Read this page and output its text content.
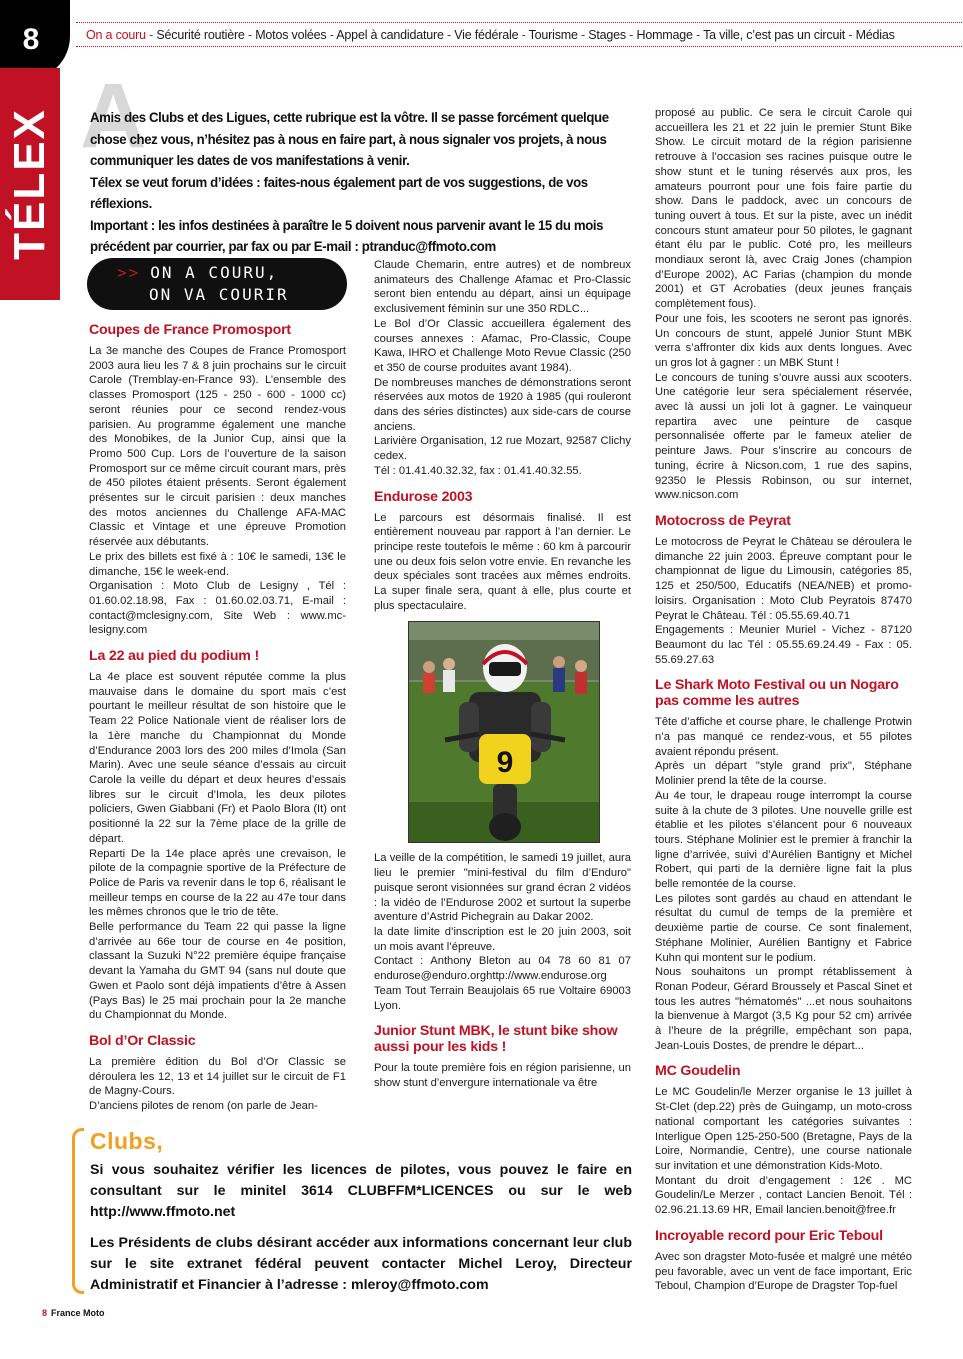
8
TÉLEX
On a couru - Sécurité routière - Motos volées - Appel à candidature - Vie fédérale - Tourisme - Stages - Hommage - Ta ville, c’est pas un circuit - Médias
A

Amis des Clubs et des Ligues, cette rubrique est la vôtre. Il se passe forcément quelque chose chez vous, n’hésitez pas à nous en faire part, à nous signaler vos projets, à nous communiquer les dates de vos manifestations à venir.

Télex se veut forum d’idées : faites-nous également part de vos suggestions, de vos réflexions.

Important : les infos destinées à paraître le 5 doivent nous parvenir avant le 15 du mois précédent par courrier, par fax ou par E-mail : ptranduc@ffmoto.com

>> ON A COURU,
ON VA COURIR
Coupes de France Promosport

La 3e manche des Coupes de France Promosport 2003 aura lieu les 7 & 8 juin prochains sur le circuit Carole (Tremblay-en-France 93). L’ensemble des classes Promosport (125 - 250 - 600 - 1000 cc) seront réunies pour ce second rendez-vous parisien. Au programme également une manche des Monobikes, de la Junior Cup, ainsi que la Promo 500 Cup. Lors de l’ouverture de la saison Promosport sur ce même circuit courant mars, près de 450 pilotes étaient présents. Seront également présentes sur le circuit parisien : deux manches des motos anciennes du Challenge AFA-MAC Classic et Vintage et une épreuve Promotion réservée aux débutants.

Le prix des billets est fixé à : 10€ le samedi, 13€ le dimanche, 15€ le week-end.

Organisation : Moto Club de Lesigny , Tél : 01.60.02.18.98, Fax : 01.60.02.03.71, E-mail : contact@mclesigny.com, Site Web : www.mc-lesigny.com

La 22 au pied du podium !

La 4e place est souvent réputée comme la plus mauvaise dans le domaine du sport mais c’est pourtant le meilleur résultat de son histoire que le Team 22 Police Nationale vient de réaliser lors de la 1ère manche du Championnat du Monde d’Endurance 2003 lors des 200 miles d’Imola (San Marin). Avec une seule séance d’essais au circuit Carole la veille du départ et deux heures d’essais libres sur le circuit d’Imola, les deux pilotes policiers, Gwen Giabbani (Fr) et Paolo Blora (It) ont positionné la 22 sur la 7ème place de la grille de départ.

Reparti De la 14e place après une crevaison, le pilote de la compagnie sportive de la Préfecture de Police de Paris va revenir dans le top 6, réalisant le meilleur temps en course de la 22 au 47e tour dans les mêmes chronos que le trio de tête.

Belle performance du Team 22 qui passe la ligne d’arrivée au 66e tour de course en 4e position, classant la Suzuki N°22 première équipe française devant la Yamaha du GMT 94 (sans nul doute que Gwen et Paolo sont déjà impatients d’être à Assen (Pays Bas) le 25 mai prochain pour la 2e manche du Championnat du Monde.

Bol d’Or Classic

La première édition du Bol d’Or Classic se déroulera les 12, 13 et 14 juillet sur le circuit de F1 de Magny-Cours.

D’anciens pilotes de renom (on parle de Jean-

Claude Chemarin, entre autres) et de nombreux animateurs des Challenge Afamac et Pro-Classic seront bien entendu au départ, ainsi un équipage exclusivement féminin sur une 350 RDLC...

Le Bol d’Or Classic accueillera également des courses annexes : Afamac, Pro-Classic, Coupe Kawa, IHRO et Challenge Moto Revue Classic (250 et 350 de course produites avant 1984).

De nombreuses manches de démonstrations seront réservées aux motos de 1920 à 1985 (qui rouleront dans des séries distinctes) aux side-cars de course anciens.

Larivière Organisation, 12 rue Mozart, 92587 Clichy cedex.

Tél : 01.41.40.32.32, fax : 01.41.40.32.55.

Endurose 2003

Le parcours est désormais finalisé. Il est entièrement nouveau par rapport à l’an dernier. Le principe reste toutefois le même : 60 km à parcourir une ou deux fois selon votre envie. En revanche les deux spéciales sont tracées aux mêmes endroits. La super finale sera, quant à elle, plus courte et plus spectaculaire.

9

La veille de la compétition, le samedi 19 juillet, aura lieu le premier "mini-festival du film d’Enduro" puisque seront visionnées sur grand écran 2 vidéos : la vidéo de l’Endurose 2002 et surtout la superbe aventure d’Astrid Pichegrain au Dakar 2002.

la date limite d’inscription est le 20 juin 2003, soit un mois avant l’épreuve.

Contact : Anthony Bleton au 04 78 60 81 07 endurose@enduro.orghttp://www.endurose.org Team Tout Terrain Beaujolais 65 rue Voltaire 69003 Lyon.

Junior Stunt MBK, le stunt bike show aussi pour les kids !

Pour la toute première fois en région parisienne, un show stunt d’envergure internationale va être

proposé au public. Ce sera le circuit Carole qui accueillera les 21 et 22 juin le premier Stunt Bike Show. Le circuit motard de la région parisienne retrouve à l’occasion ses racines puisque outre le show stunt et le tuning réservés aux pros, les amateurs pourront pour une fois faire partie du show. Dans le paddock, avec un concours de tuning ouvert à tous. Et sur la piste, avec un inédit concours stunt amateur pour 50 pilotes, le gagnant étant élu par le public. Coté pro, les meilleurs mondiaux seront là, avec Craig Jones (champion d’Europe 2002), AC Farias (champion du monde 2001) et GT Acrobaties (deux jeunes français complètement fous).

Pour une fois, les scooters ne seront pas ignorés. Un concours de stunt, appelé Junior Stunt MBK verra s’affronter dix kids aux dents longues. Avec un gros lot à gagner : un MBK Stunt !

Le concours de tuning s’ouvre aussi aux scooters. Une catégorie leur sera spécialement réservée, avec là aussi un joli lot à gagner. Le vainqueur repartira avec une peinture de casque personnalisée offerte par le fameux atelier de peinture Jaws. Pour s’inscrire au concours de tuning, écrire à Nicson.com, 1 rue des sapins, 92350 le Plessis Robinson, ou sur internet, www.nicson.com

Motocross de Peyrat

Le motocross de Peyrat le Château se déroulera le dimanche 22 juin 2003. Épreuve comptant pour le championnat de ligue du Limousin, catégories 85, 125 et 250/500, Educatifs (NEA/NEB) et promo-loisirs. Organisation : Moto Club Peyratois 87470 Peyrat le Château. Tél : 05.55.69.40.71

Engagements : Meunier Muriel - Vichez - 87120 Beaumont du lac Tél : 05.55.69.24.49 - Fax : 05. 55.69.27.63

Le Shark Moto Festival ou un Nogaro pas comme les autres

Tête d’affiche et course phare, le challenge Protwin n’a pas manqué ce rendez-vous, et 55 pilotes avaient répondu présent.

Après un départ "style grand prix", Stéphane Molinier prend la tête de la course.

Au 4e tour, le drapeau rouge interrompt la course suite à la chute de 3 pilotes. Une nouvelle grille est établie et les pilotes s’élancent pour 6 nouveaux tours. Stéphane Molinier est le premier à franchir la ligne d’arrivée, suivi d’Aurélien Bantigny et Michel Robert, qui parti de la dernière ligne fait la plus belle remontée de la course.

Les pilotes sont gardés au chaud en attendant le résultat du cumul de temps de la première et deuxième partie de course. Ce sont finalement, Stéphane Molinier, Aurélien Bantigny et Fabrice Kuhn qui montent sur le podium.

Nous souhaitons un prompt rétablissement à Ronan Podeur, Gérard Broussely et Pascal Sinet et tous les autres "hématomés" ...et nous souhaitons la bienvenue à Margot (3,5 Kg pour 52 cm) arrivée à l’heure de la prégrille, empêchant son papa, Jean-Louis Dostes, de prendre le départ...

MC Goudelin

Le MC Goudelin/le Merzer organise le 13 juillet à St-Clet (dep.22) près de Guingamp, un moto-cross national comportant les catégories suivantes : Interligue Open 125-250-500 (Bretagne, Pays de la Loire, Normandie, Centre), une course nationale sur invitation et une démonstration Kids-Moto.

Montant du droit d’engagement : 12€ . MC Goudelin/Le Merzer , contact Lancien Benoit. Tél : 02.96.21.13.69 HR, Email lancien.benoit@free.fr

Incroyable record pour Eric Teboul

Avec son dragster Moto-fusée et malgré une météo peu favorable, avec un vent de face important, Eric Teboul, Champion d’Europe de Dragster Top-fuel

Clubs,

Si vous souhaitez vérifier les licences de pilotes, vous pouvez le faire en consultant sur le minitel 3614 CLUBFFM*LICENCES ou sur le web http://www.ffmoto.net

Les Présidents de clubs désirant accéder aux informations concernant leur club sur le site extranet fédéral peuvent contacter Michel Leroy, Directeur Administratif et Financier à l’adresse : mleroy@ffmoto.com

8 France Moto
